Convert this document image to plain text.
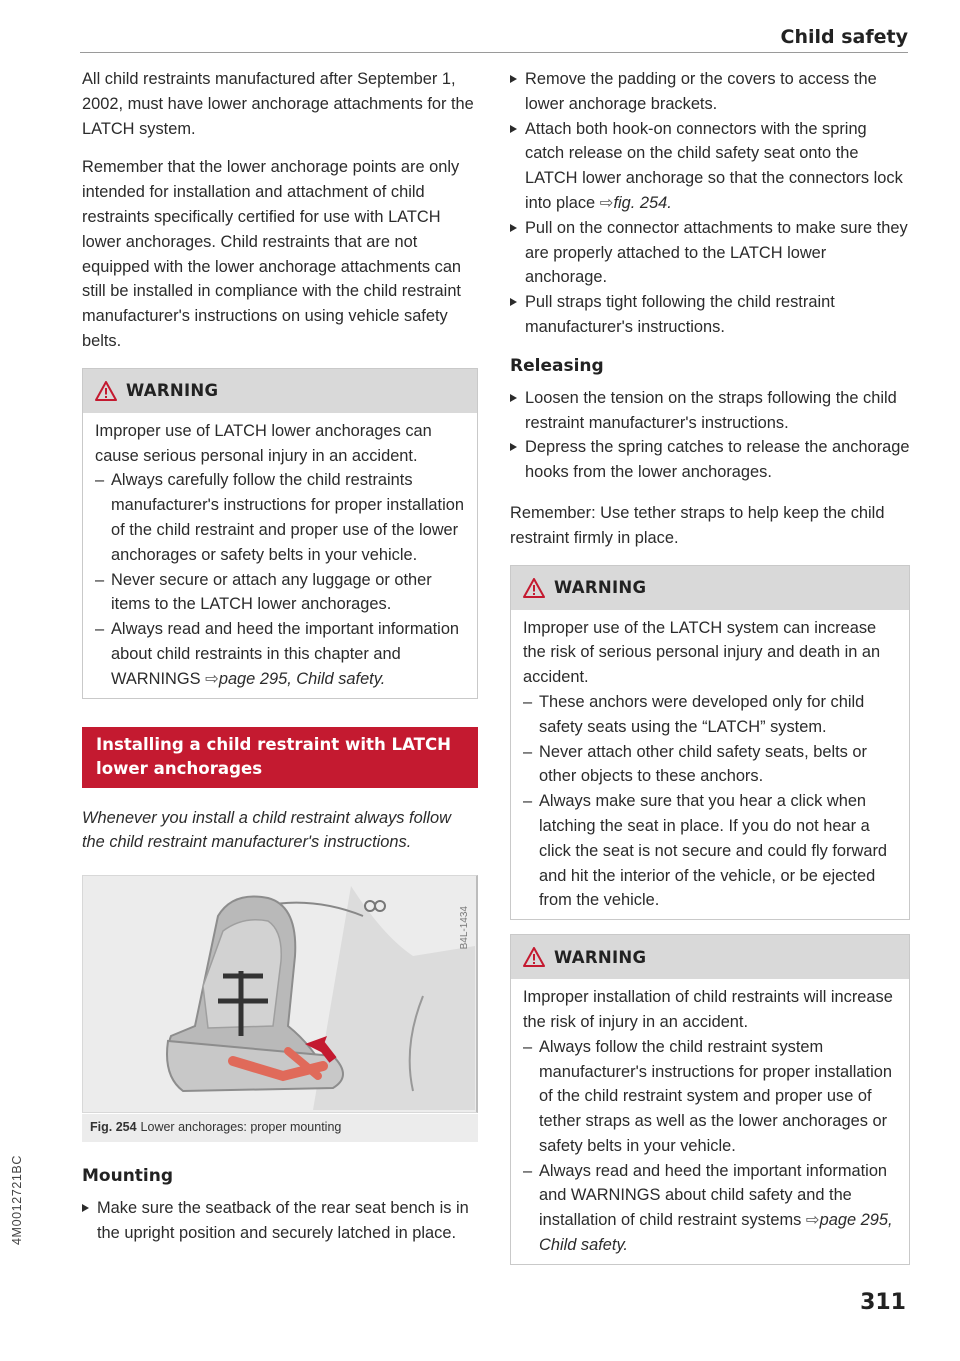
Child safety

All child restraints manufactured after September 1, 2002, must have lower anchorage attachments for the LATCH system.

Remember that the lower anchorage points are only intended for installation and attachment of child restraints specifically certified for use with LATCH lower anchorages. Child restraints that are not equipped with the lower anchorage attachments can still be installed in compliance with the child restraint manufacturer's instructions on using vehicle safety belts.

WARNING

Improper use of LATCH lower anchorages can cause serious personal injury in an accident.

– Always carefully follow the child restraints manufacturer's instructions for proper installation of the child restraint and proper use of the lower anchorages or safety belts in your vehicle.
– Never secure or attach any luggage or other items to the LATCH lower anchorages.
– Always read and heed the important information about child restraints in this chapter and WARNINGS ⇨page 295, Child safety.
Installing a child restraint with LATCH lower anchorages

Whenever you install a child restraint always follow the child restraint manufacturer's instructions.

B4L-1434
Fig. 254 Lower anchorages: proper mounting
Mounting
Make sure the seatback of the rear seat bench is in the upright position and securely latched in place.
Remove the padding or the covers to access the lower anchorage brackets.
Attach both hook-on connectors with the spring catch release on the child safety seat onto the LATCH lower anchorage so that the connectors lock into place ⇨fig. 254.
Pull on the connector attachments to make sure they are properly attached to the LATCH lower anchorage.
Pull straps tight following the child restraint manufacturer's instructions.
Releasing
Loosen the tension on the straps following the child restraint manufacturer's instructions.
Depress the spring catches to release the anchorage hooks from the lower anchorages.

Remember: Use tether straps to help keep the child restraint firmly in place.

WARNING

Improper use of the LATCH system can increase the risk of serious personal injury and death in an accident.

– These anchors were developed only for child safety seats using the “LATCH” system.
– Never attach other child safety seats, belts or other objects to these anchors.
– Always make sure that you hear a click when latching the seat in place. If you do not hear a click the seat is not secure and could fly forward and hit the interior of the vehicle, or be ejected from the vehicle.
WARNING

Improper installation of child restraints will increase the risk of injury in an accident.

– Always follow the child restraint system manufacturer's instructions for proper installation of the child restraint system and proper use of tether straps as well as the lower anchorages or safety belts in your vehicle.
– Always read and heed the important information and WARNINGS about child safety and the installation of child restraint systems ⇨page 295, Child safety.
4M0012721BC
311
